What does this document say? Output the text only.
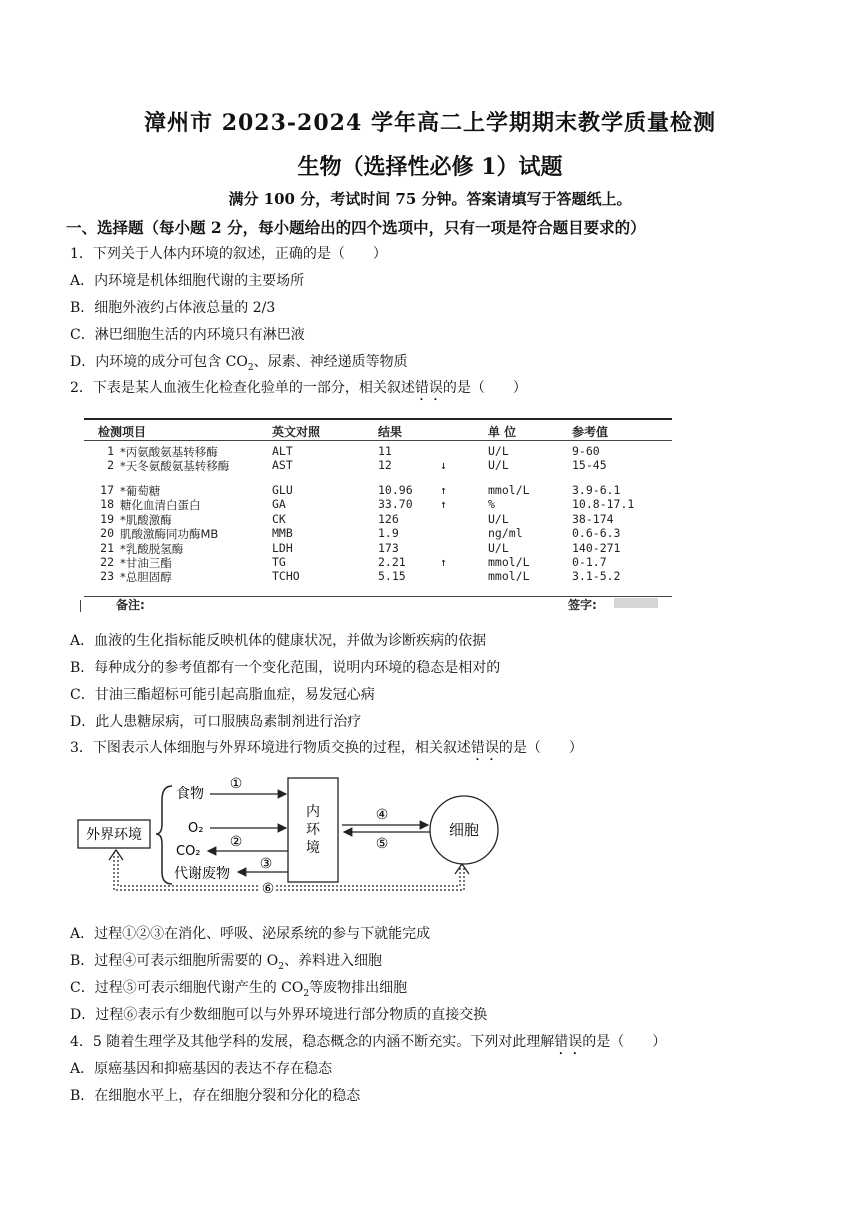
漳州市 2023-2024 学年高二上学期期末教学质量检测
生物（选择性必修 1）试题
满分 100 分，考试时间 75 分钟。答案请填写于答题纸上。
一、选择题（每小题 2 分，每小题给出的四个选项中，只有一项是符合题目要求的）
1．下列关于人体内环境的叙述，正确的是（　　）
A．内环境是机体细胞代谢的主要场所
B．细胞外液约占体液总量的 2/3
C．淋巴细胞生活的内环境只有淋巴液
D．内环境的成分可包含 $CO_2$、尿素、神经递质等物质
2．下表是某人血液生化检查化验单的一部分，相关叙述错误的是（　　）
检测项目	英文对照	结果	单 位	参考值
1 *丙氨酸氨基转移酶	ALT	11	U/L	9-60
2 *天冬氨酸氨基转移酶	AST	12	↓	U/L	15-45
17 *葡萄糖	GLU	10.96 ↑	mmol/L	3.9-6.1
18 糖化血清白蛋白	GA	33.70 ↑	%	10.8-17.1
19 *肌酸激酶	CK	126	U/L	38-174
20 肌酸激酶同功酶MB	MMB	1.9	ng/ml	0.6-6.3
21 *乳酸脱氢酶	LDH	173	U/L	140-271
22 *甘油三酯	TG	2.21	↑	mmol/L	0-1.7
23 *总胆固醇	TCHO	5.15	mmol/L	3.1-5.2
备注:	签字:
A．血液的生化指标能反映机体的健康状况，并做为诊断疾病的依据
B．每种成分的参考值都有一个变化范围，说明内环境的稳态是相对的
C．甘油三酯超标可能引起高脂血症，易发冠心病
D．此人患糖尿病，可口服胰岛素制剂进行治疗
3．下图表示人体细胞与外界环境进行物质交换的过程，相关叙述错误的是（　　）
外界环境
食物
O₂
CO₂
代谢废物
①
②
③
内
环
境
④
⑤
细胞
⑥
A．过程①②③在消化、呼吸、泌尿系统的参与下就能完成
B．过程④可表示细胞所需要的 $O_2$、养料进入细胞
C．过程⑤可表示细胞代谢产生的 $CO_2$等废物排出细胞
D．过程⑥表示有少数细胞可以与外界环境进行部分物质的直接交换
4．5 随着生理学及其他学科的发展，稳态概念的内涵不断充实。下列对此理解错误的是（　　）
A．原癌基因和抑癌基因的表达不存在稳态
B．在细胞水平上，存在细胞分裂和分化的稳态
